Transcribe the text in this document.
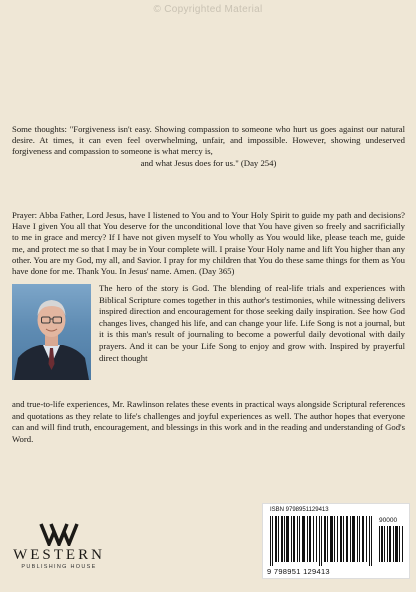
© Copyrighted Material
Some thoughts: "Forgiveness isn't easy. Showing compassion to someone who hurt us goes against our natural desire. At times, it can even feel overwhelming, unfair, and impossible. However, showing undeserved forgiveness and compassion to someone is what mercy is,
and what Jesus does for us." (Day 254)
Prayer: Abba Father, Lord Jesus, have I listened to You and to Your Holy Spirit to guide my path and decisions? Have I given You all that You deserve for the unconditional love that You have given so freely and sacrificially to me in grace and mercy? If I have not given myself to You wholly as You would like, please teach me, guide me, and protect me so that I may be in Your complete will. I praise Your Holy name and lift You higher than any other. You are my God, my all, and Savior. I pray for my children that You do these same things for them as You have done for me. Thank You. In Jesus' name. Amen. (Day 365)
The hero of the story is God. The blending of real-life trials and experiences with Biblical Scripture comes together in this author's testimonies, while witnessing delivers inspired direction and encouragement for those seeking daily inspiration. See how God changes lives, changed his life, and can change your life. Life Song is not a journal, but it is this man's result of journaling to become a powerful daily devotional with daily prayers. And it can be your Life Song to enjoy and grow with. Inspired by prayerful direct thought
and true-to-life experiences, Mr. Rawlinson relates these events in practical ways alongside Scriptural references and quotations as they relate to life's challenges and joyful experiences as well. The author hopes that everyone can and will find truth, encouragement, and blessings in this work and in the reading and understanding of God's Word.
WESTERN
PUBLISHING HOUSE
ISBN 9798951129413
90000
9 798951 129413
